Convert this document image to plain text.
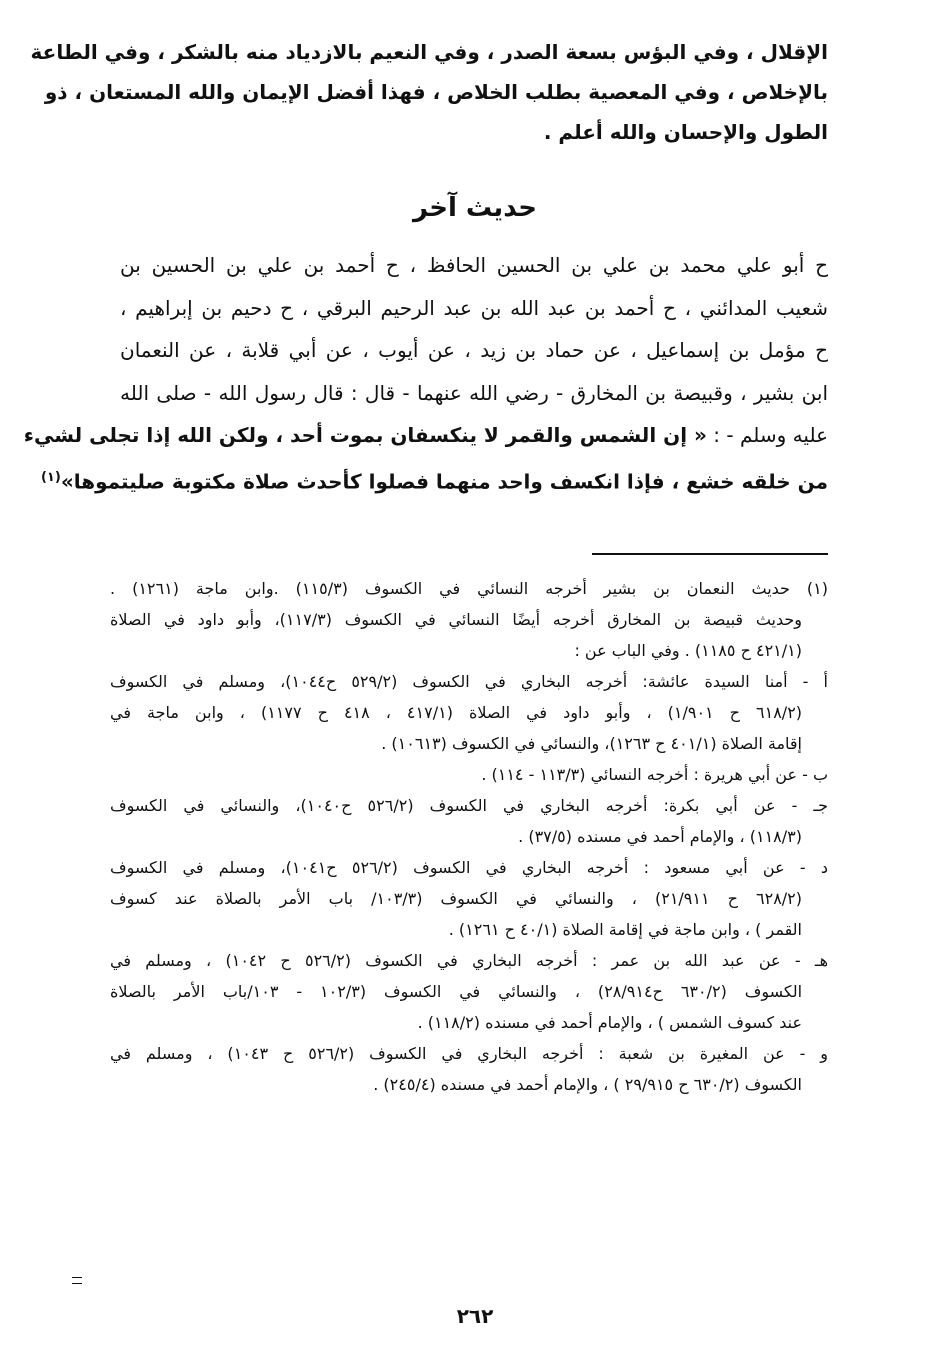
الإقلال ، وفي البؤس بسعة الصدر ، وفي النعيم بالازدياد منه بالشكر ، وفي الطاعة
بالإخلاص ، وفي المعصية بطلب الخلاص ، فهذا أفضل الإيمان والله المستعان ، ذو
الطول والإحسان والله أعلم .
حديث آخر
ح أبو علي محمد بن علي بن الحسين الحافظ ، ح أحمد بن علي بن الحسين بن
شعيب المدائني ، ح أحمد بن عبد الله بن عبد الرحيم البرقي ، ح دحيم بن إبراهيم ،
ح مؤمل بن إسماعيل ، عن حماد بن زيد ، عن أيوب ، عن أبي قلابة ، عن النعمان
ابن بشير ، وقبيصة بن المخارق - رضي الله عنهما - قال : قال رسول الله - صلى الله
عليه وسلم - : « إن الشمس والقمر لا ينكسفان بموت أحد ، ولكن الله إذا تجلى لشيء
من خلقه خشع ، فإذا انكسف واحد منهما فصلوا كأحدث صلاة مكتوبة صليتموها»$^{(١)}$
(١) حديث النعمان بن بشير أخرجه النسائي في الكسوف (١١٥/٣) .وابن ماجة (١٢٦١) .
وحديث قبيصة بن المخارق أخرجه أيضًا النسائي في الكسوف (١١٧/٣)، وأبو داود في الصلاة
(٤٢١/١ ح ١١٨٥) . وفي الباب عن :
أ - أمنا السيدة عائشة: أخرجه البخاري في الكسوف (٥٢٩/٢ ح١٠٤٤)، ومسلم في الكسوف
(٦١٨/٢ ح ١/٩٠١) ، وأبو داود في الصلاة (٤١٧/١ ، ٤١٨ ح ١١٧٧) ، وابن ماجة في
إقامة الصلاة (٤٠١/١ ح ١٢٦٣)، والنسائي في الكسوف (١٠٦١٣) .
ب - عن أبي هريرة : أخرجه النسائي (١١٣/٣ - ١١٤) .
جـ - عن أبي بكرة: أخرجه البخاري في الكسوف (٥٢٦/٢ ح١٠٤٠)، والنسائي في الكسوف
(١١٨/٣) ، والإمام أحمد في مسنده (٣٧/٥) .
د - عن أبي مسعود : أخرجه البخاري في الكسوف (٥٢٦/٢ ح١٠٤١)، ومسلم في الكسوف
(٦٢٨/٢ ح ٢١/٩١١) ، والنسائي في الكسوف (١٠٣/٣/ باب الأمر بالصلاة عند كسوف
القمر ) ، وابن ماجة في إقامة الصلاة (٤٠/١ ح ١٢٦١) .
هـ - عن عبد الله بن عمر : أخرجه البخاري في الكسوف (٥٢٦/٢ ح ١٠٤٢) ، ومسلم في
الكسوف (٦٣٠/٢ ح٢٨/٩١٤) ، والنسائي في الكسوف (١٠٢/٣ - ١٠٣/باب الأمر بالصلاة
عند كسوف الشمس ) ، والإمام أحمد في مسنده (١١٨/٢) .
و - عن المغيرة بن شعبة : أخرجه البخاري في الكسوف (٥٢٦/٢ ح ١٠٤٣) ، ومسلم في
الكسوف (٦٣٠/٢ ح ٢٩/٩١٥ ) ، والإمام أحمد في مسنده (٢٤٥/٤) .
٢٦٢
